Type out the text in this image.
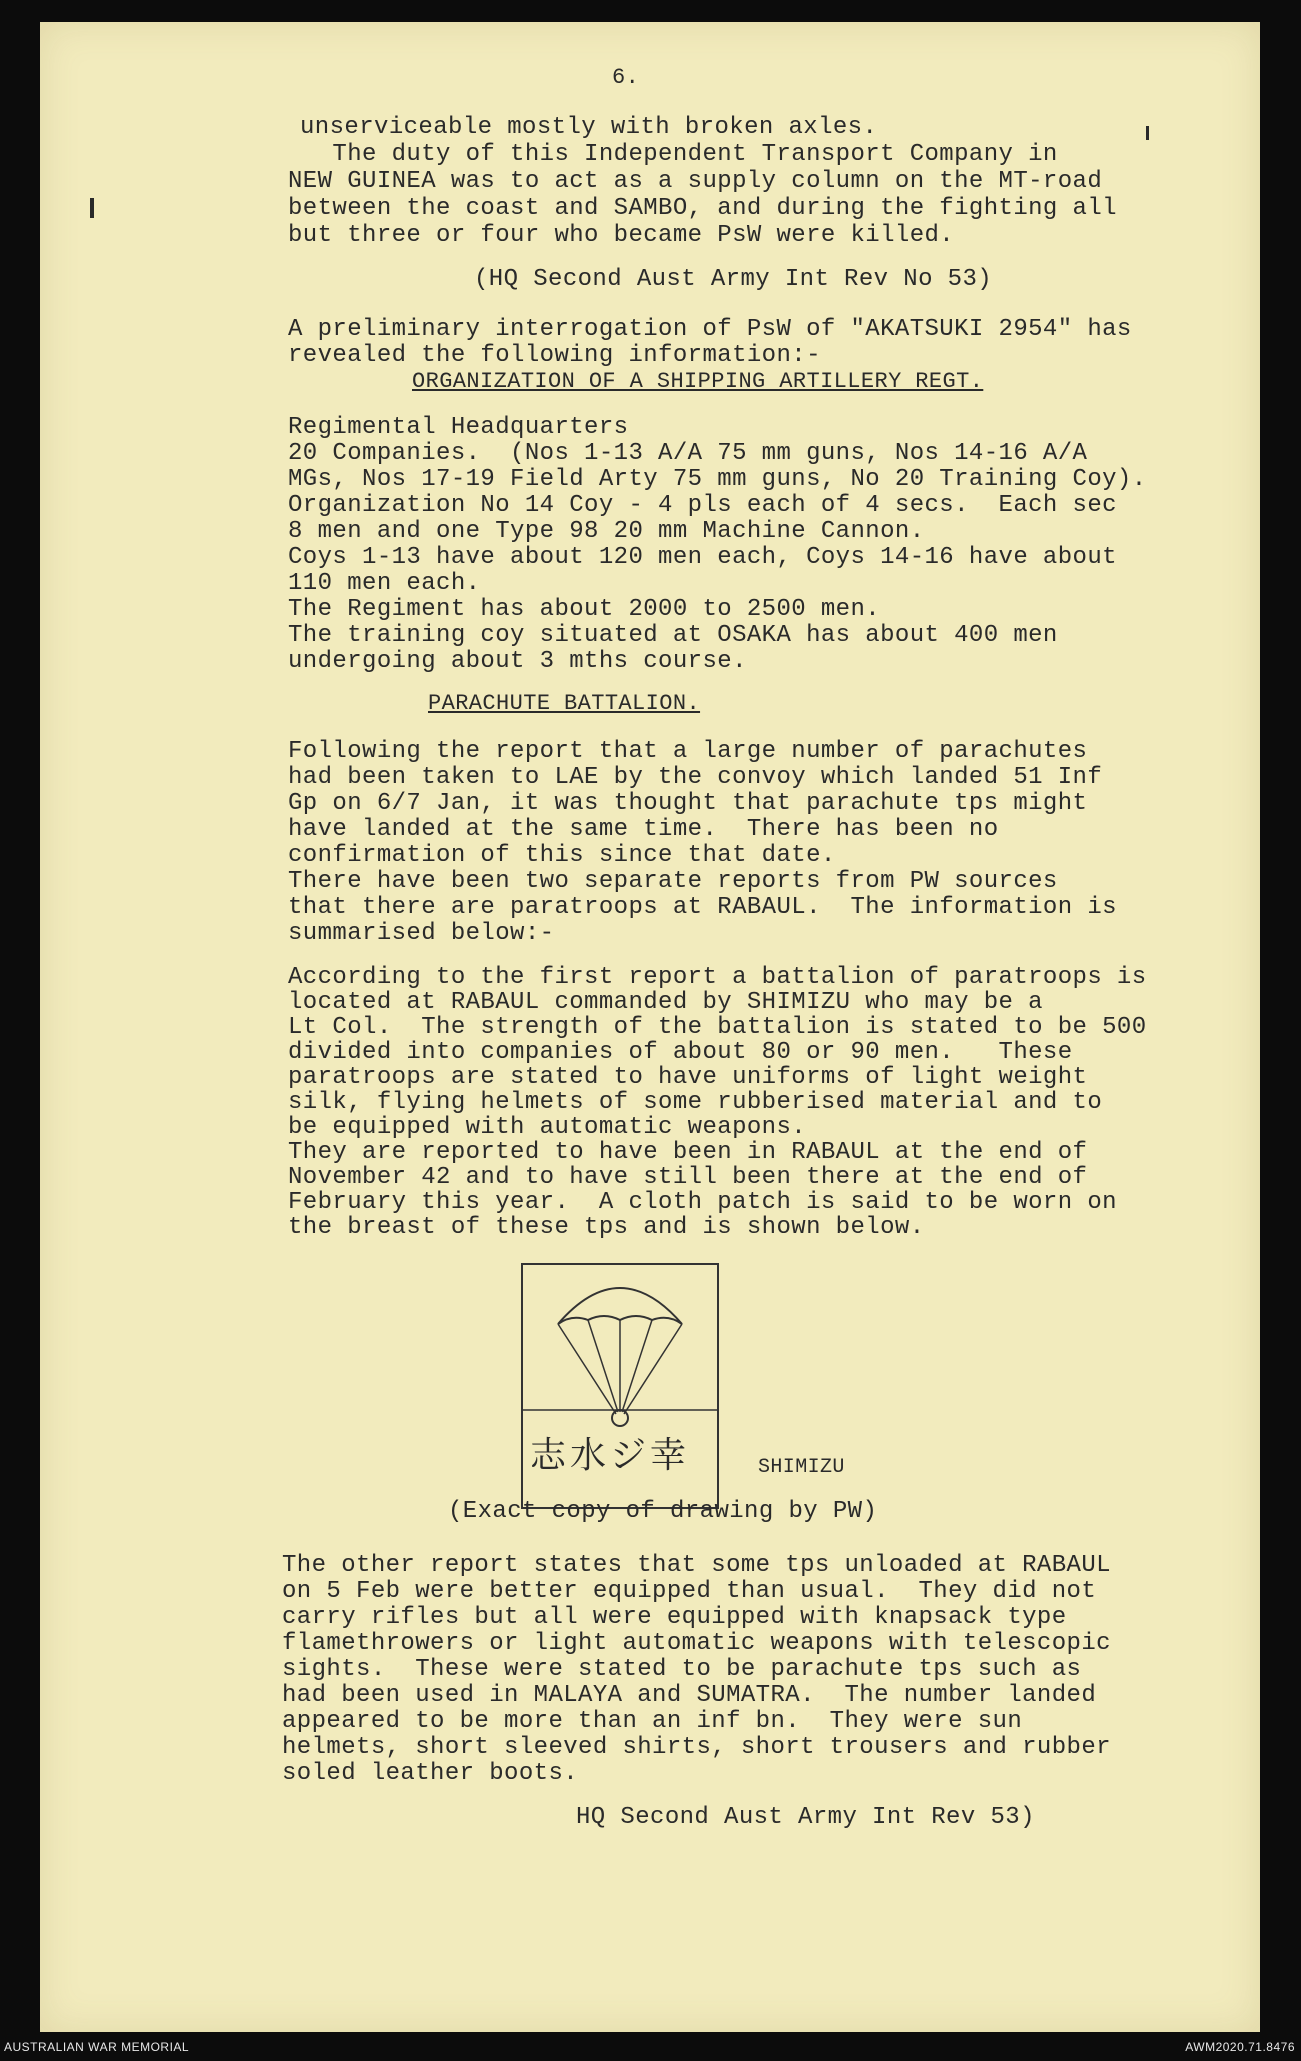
6.
unserviceable mostly with broken axles.
The duty of this Independent Transport Company in
NEW GUINEA was to act as a supply column on the MT-road
between the coast and SAMBO, and during the fighting all
but three or four who became PsW were killed.
(HQ Second Aust Army Int Rev No 53)
A preliminary interrogation of PsW of "AKATSUKI 2954" has
revealed the following information:-
ORGANIZATION OF A SHIPPING ARTILLERY REGT.
Regimental Headquarters
20 Companies.  (Nos 1-13 A/A 75 mm guns, Nos 14-16 A/A
MGs, Nos 17-19 Field Arty 75 mm guns, No 20 Training Coy).
Organization No 14 Coy - 4 pls each of 4 secs.  Each sec
8 men and one Type 98 20 mm Machine Cannon.
Coys 1-13 have about 120 men each, Coys 14-16 have about
110 men each.
The Regiment has about 2000 to 2500 men.
The training coy situated at OSAKA has about 400 men
undergoing about 3 mths course.
PARACHUTE BATTALION.
Following the report that a large number of parachutes
had been taken to LAE by the convoy which landed 51 Inf
Gp on 6/7 Jan, it was thought that parachute tps might
have landed at the same time.  There has been no
confirmation of this since that date.
There have been two separate reports from PW sources
that there are paratroops at RABAUL.  The information is
summarised below:-
According to the first report a battalion of paratroops is
located at RABAUL commanded by SHIMIZU who may be a
Lt Col.  The strength of the battalion is stated to be 500
divided into companies of about 80 or 90 men.   These
paratroops are stated to have uniforms of light weight
silk, flying helmets of some rubberised material and to
be equipped with automatic weapons.
They are reported to have been in RABAUL at the end of
November 42 and to have still been there at the end of
February this year.  A cloth patch is said to be worn on
the breast of these tps and is shown below.
志水ジ幸	SHIMIZU
(Exact copy of drawing by PW)
The other report states that some tps unloaded at RABAUL
on 5 Feb were better equipped than usual.  They did not
carry rifles but all were equipped with knapsack type
flamethrowers or light automatic weapons with telescopic
sights.  These were stated to be parachute tps such as
had been used in MALAYA and SUMATRA.  The number landed
appeared to be more than an inf bn.  They were sun
helmets, short sleeved shirts, short trousers and rubber
soled leather boots.
HQ Second Aust Army Int Rev 53)
AUSTRALIAN WAR MEMORIAL	AWM2020.71.8476
